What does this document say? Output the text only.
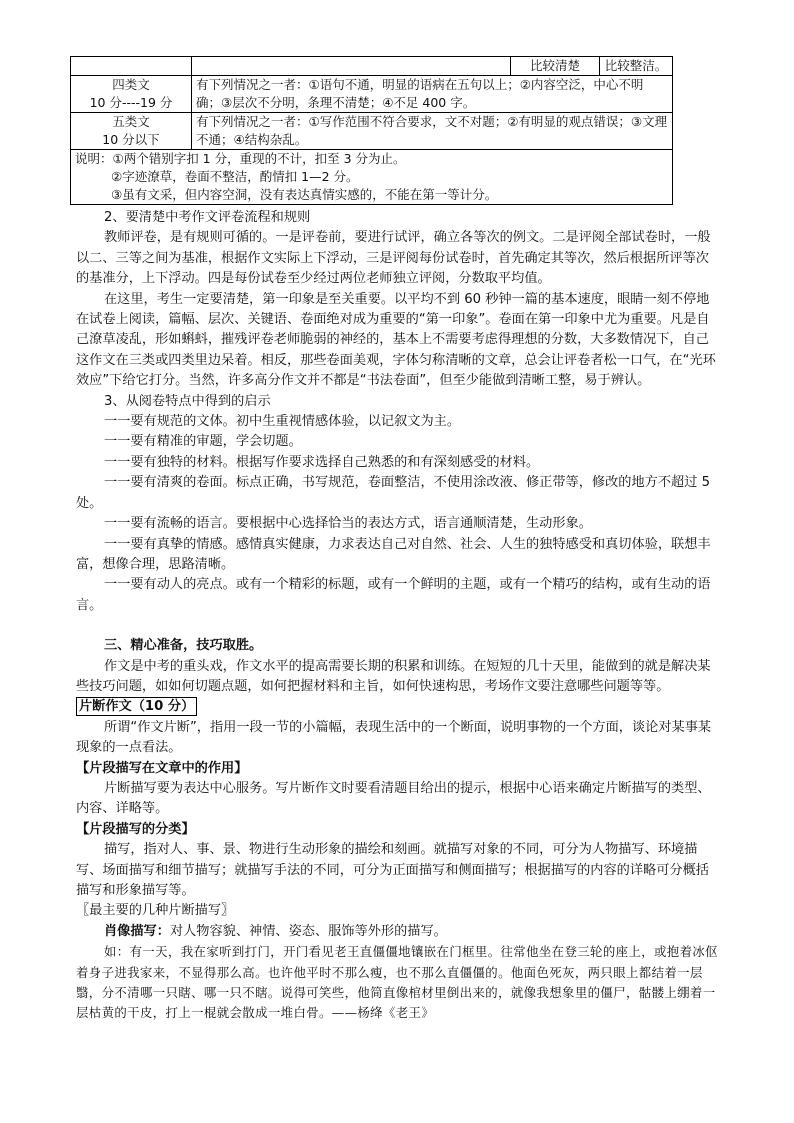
		比较清楚	比较整洁。

四类文
10 分----19 分	有下列情况之一者：①语句不通，明显的语病在五句以上；②内容空泛，中心不明确；③层次不分明，条理不清楚；④不足 400 字。		

五类文
10 分以下	有下列情况之一者：①写作范围不符合要求，文不对题；②有明显的观点错误；③文理不通；④结构杂乱。		
说明：①两个错别字扣 1 分，重现的不计，扣至 3 分为止。
②字迹潦草，卷面不整洁，酌情扣 1—2 分。
③虽有文采，但内容空洞，没有表达真情实感的，不能在第一等计分。			

2、要清楚中考作文评卷流程和规则

教师评卷，是有规则可循的。一是评卷前，要进行试评，确立各等次的例文。二是评阅全部试卷时，一般以二、三等之间为基准，根据作文实际上下浮动，三是评阅每份试卷时，首先确定其等次，然后根据所评等次的基准分，上下浮动。四是每份试卷至少经过两位老师独立评阅，分数取平均值。

在这里，考生一定要清楚，第一印象是至关重要。以平均不到 60 秒钟一篇的基本速度，眼睛一刻不停地在试卷上阅读，篇幅、层次、关键语、卷面绝对成为重要的“第一印象”。卷面在第一印象中尤为重要。凡是自己潦草凌乱，形如蝌蚪，摧残评卷老师脆弱的神经的，基本上不需要考虑得理想的分数，大多数情况下，自己这作文在三类或四类里边呆着。相反，那些卷面美观，字体匀称清晰的文章，总会让评卷者松一口气，在“光环效应”下给它打分。当然，许多高分作文并不都是“书法卷面”，但至少能做到清晰工整，易于辨认。

3、从阅卷特点中得到的启示

一一要有规范的文体。初中生重视情感体验，以记叙文为主。

一一要有精准的审题，学会切题。

一一要有独特的材料。根据写作要求选择自己熟悉的和有深刻感受的材料。

一一要有清爽的卷面。标点正确，书写规范，卷面整洁，不使用涂改液、修正带等，修改的地方不超过 5 处。

一一要有流畅的语言。要根据中心选择恰当的表达方式，语言通顺清楚，生动形象。

一一要有真挚的情感。感情真实健康，力求表达自己对自然、社会、人生的独特感受和真切体验，联想丰富，想像合理，思路清晰。

一一要有动人的亮点。或有一个精彩的标题，或有一个鲜明的主题，或有一个精巧的结构，或有生动的语言。

三、精心准备，技巧取胜。

作文是中考的重头戏，作文水平的提高需要长期的积累和训练。在短短的几十天里，能做到的就是解决某些技巧问题，如如何切题点题，如何把握材料和主旨，如何快速构思，考场作文要注意哪些问题等等。

片断作文（10 分）

所谓“作文片断”，指用一段一节的小篇幅，表现生活中的一个断面，说明事物的一个方面，谈论对某事某现象的一点看法。

【片段描写在文章中的作用】

片断描写要为表达中心服务。写片断作文时要看清题目给出的提示，根据中心语来确定片断描写的类型、内容、详略等。

【片段描写的分类】

描写，指对人、事、景、物进行生动形象的描绘和刻画。就描写对象的不同，可分为人物描写、环境描写、场面描写和细节描写；就描写手法的不同，可分为正面描写和侧面描写；根据描写的内容的详略可分概括描写和形象描写等。

〖最主要的几种片断描写〗

肖像描写：对人物容貌、神情、姿态、服饰等外形的描写。

如：有一天，我在家听到打门，开门看见老王直僵僵地镶嵌在门框里。往常他坐在登三轮的座上，或抱着冰伛着身子进我家来，不显得那么高。也许他平时不那么瘦，也不那么直僵僵的。他面色死灰，两只眼上都结着一层翳，分不清哪一只瞎、哪一只不瞎。说得可笑些，他简直像棺材里倒出来的，就像我想象里的僵尸，骷髅上绷着一层枯黄的干皮，打上一棍就会散成一堆白骨。——杨绛《老王》
